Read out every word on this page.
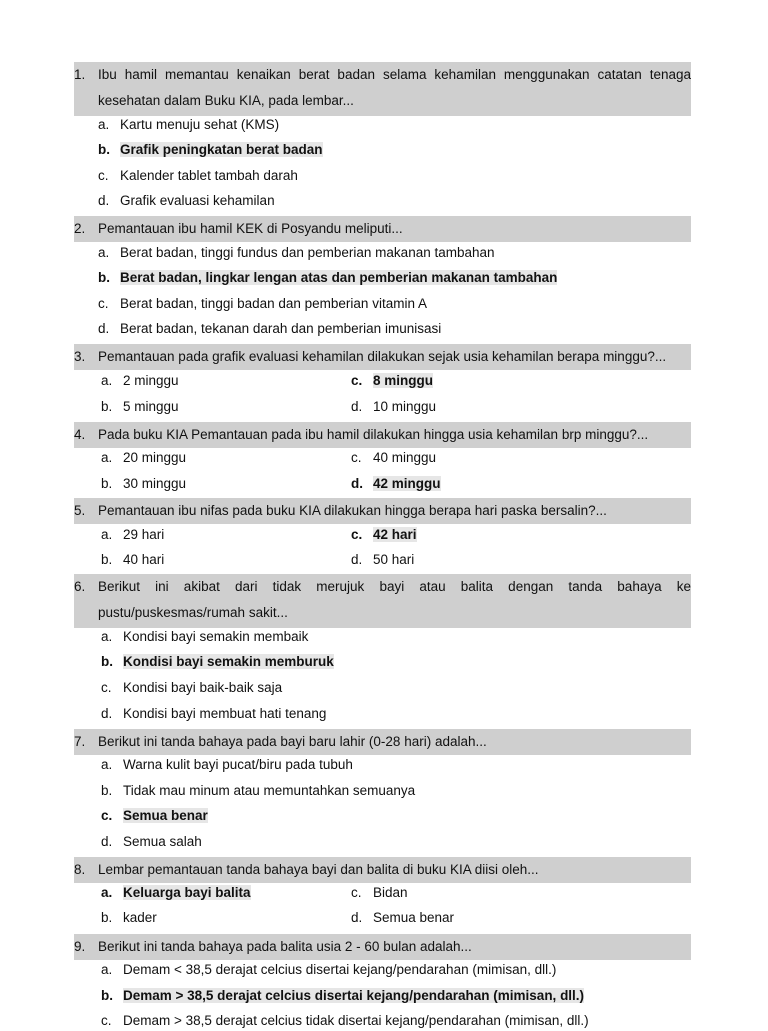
1. Ibu hamil memantau kenaikan berat badan selama kehamilan menggunakan catatan tenaga kesehatan dalam Buku KIA, pada lembar...
a. Kartu menuju sehat (KMS)
b. Grafik peningkatan berat badan
c. Kalender tablet tambah darah
d. Grafik evaluasi kehamilan
2. Pemantauan ibu hamil KEK di Posyandu meliputi...
a. Berat badan, tinggi fundus dan pemberian makanan tambahan
b. Berat badan, lingkar lengan atas dan pemberian makanan tambahan
c. Berat badan, tinggi badan dan pemberian vitamin A
d. Berat badan, tekanan darah dan pemberian imunisasi
3. Pemantauan pada grafik evaluasi kehamilan dilakukan sejak usia kehamilan berapa minggu?...
a. 2 minggu	c. 8 minggu
b. 5 minggu	d. 10 minggu
4. Pada buku KIA Pemantauan pada ibu hamil dilakukan hingga usia kehamilan brp minggu?...
a. 20 minggu	c. 40 minggu
b. 30 minggu	d. 42 minggu
5. Pemantauan ibu nifas pada buku KIA dilakukan hingga berapa hari paska bersalin?...
a. 29 hari	c. 42 hari
b. 40 hari	d. 50 hari
6. Berikut ini akibat dari tidak merujuk bayi atau balita dengan tanda bahaya ke pustu/puskesmas/rumah sakit...
a. Kondisi bayi semakin membaik
b. Kondisi bayi semakin memburuk
c. Kondisi bayi baik-baik saja
d. Kondisi bayi membuat hati tenang
7. Berikut ini tanda bahaya pada bayi baru lahir (0-28 hari) adalah...
a. Warna kulit bayi pucat/biru pada tubuh
b. Tidak mau minum atau memuntahkan semuanya
c. Semua benar
d. Semua salah
8. Lembar pemantauan tanda bahaya bayi dan balita di buku KIA diisi oleh...
a. Keluarga bayi balita	c. Bidan
b. kader	d. Semua benar
9. Berikut ini tanda bahaya pada balita usia 2 - 60 bulan adalah...
a. Demam < 38,5 derajat celcius disertai kejang/pendarahan (mimisan, dll.)
b. Demam > 38,5 derajat celcius disertai kejang/pendarahan (mimisan, dll.)
c. Demam > 38,5 derajat celcius tidak disertai kejang/pendarahan (mimisan, dll.)
